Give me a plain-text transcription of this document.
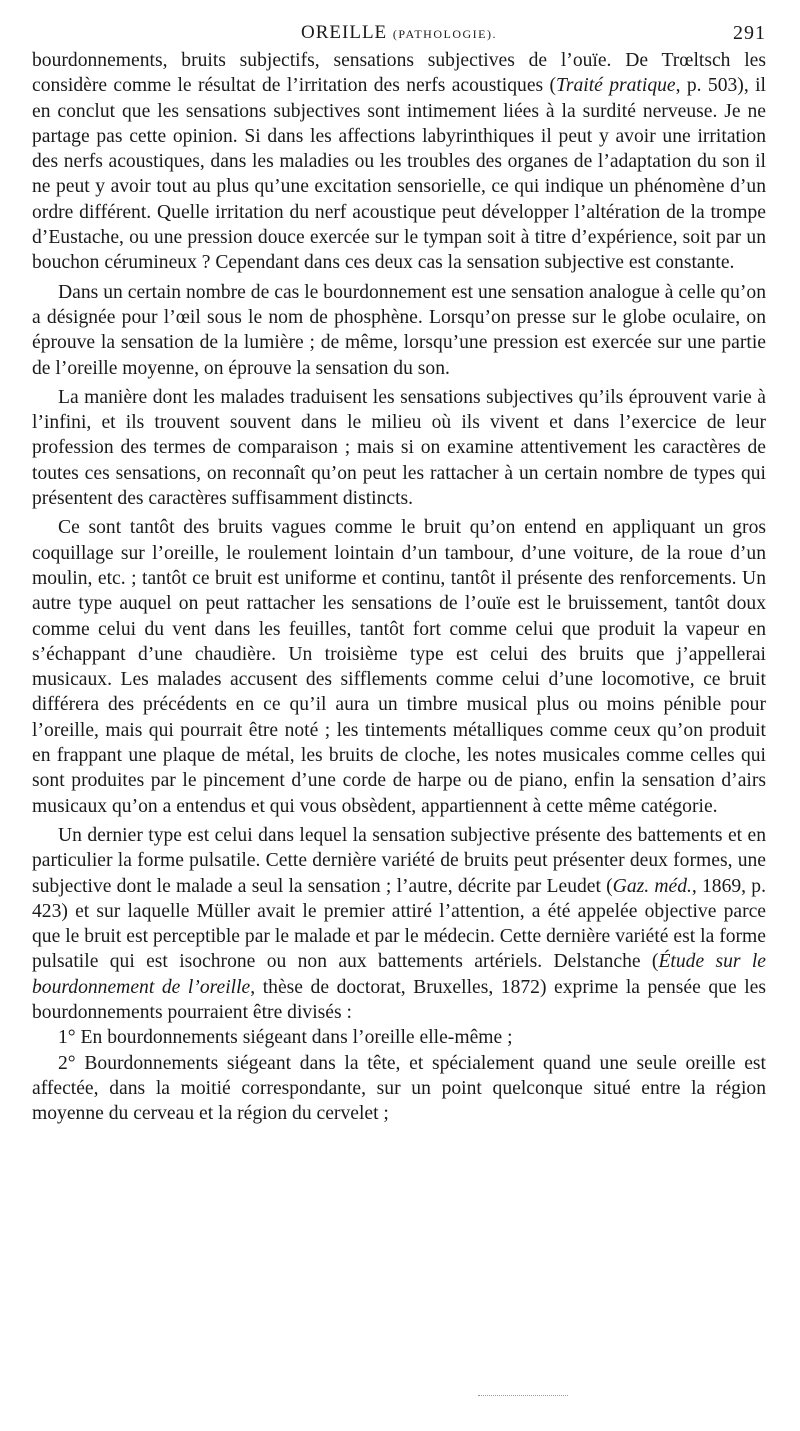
OREILLE (PATHOLOGIE).	291

bourdonnements, bruits subjectifs, sensations subjectives de l’ouïe. De Trœltsch les considère comme le résultat de l’irritation des nerfs acoustiques (Traité pratique, p. 503), il en conclut que les sensations subjectives sont intimement liées à la surdité nerveuse. Je ne partage pas cette opinion. Si dans les affections labyrinthiques il peut y avoir une irritation des nerfs acoustiques, dans les maladies ou les troubles des organes de l’adaptation du son il ne peut y avoir tout au plus qu’une excitation sensorielle, ce qui indique un phénomène d’un ordre différent. Quelle irritation du nerf acoustique peut développer l’altération de la trompe d’Eustache, ou une pression douce exercée sur le tympan soit à titre d’expérience, soit par un bouchon cérumineux ? Cependant dans ces deux cas la sensation subjective est constante.

Dans un certain nombre de cas le bourdonnement est une sensation analogue à celle qu’on a désignée pour l’œil sous le nom de phosphène. Lorsqu’on presse sur le globe oculaire, on éprouve la sensation de la lumière ; de même, lorsqu’une pression est exercée sur une partie de l’oreille moyenne, on éprouve la sensation du son.

La manière dont les malades traduisent les sensations subjectives qu’ils éprouvent varie à l’infini, et ils trouvent souvent dans le milieu où ils vivent et dans l’exercice de leur profession des termes de comparaison ; mais si on examine attentivement les caractères de toutes ces sensations, on reconnaît qu’on peut les rattacher à un certain nombre de types qui présentent des caractères suffisamment distincts.

Ce sont tantôt des bruits vagues comme le bruit qu’on entend en appliquant un gros coquillage sur l’oreille, le roulement lointain d’un tambour, d’une voiture, de la roue d’un moulin, etc. ; tantôt ce bruit est uniforme et continu, tantôt il présente des renforcements. Un autre type auquel on peut rattacher les sensations de l’ouïe est le bruissement, tantôt doux comme celui du vent dans les feuilles, tantôt fort comme celui que produit la vapeur en s’échappant d’une chaudière. Un troisième type est celui des bruits que j’appellerai musicaux. Les malades accusent des sifflements comme celui d’une locomotive, ce bruit différera des précédents en ce qu’il aura un timbre musical plus ou moins pénible pour l’oreille, mais qui pourrait être noté ; les tintements métalliques comme ceux qu’on produit en frappant une plaque de métal, les bruits de cloche, les notes musicales comme celles qui sont produites par le pincement d’une corde de harpe ou de piano, enfin la sensation d’airs musicaux qu’on a entendus et qui vous obsèdent, appartiennent à cette même catégorie.

Un dernier type est celui dans lequel la sensation subjective présente des battements et en particulier la forme pulsatile. Cette dernière variété de bruits peut présenter deux formes, une subjective dont le malade a seul la sensation ; l’autre, décrite par Leudet (Gaz. méd., 1869, p. 423) et sur laquelle Müller avait le premier attiré l’attention, a été appelée objective parce que le bruit est perceptible par le malade et par le médecin. Cette dernière variété est la forme pulsatile qui est isochrone ou non aux battements artériels. Delstanche (Étude sur le bourdonnement de l’oreille, thèse de doctorat, Bruxelles, 1872) exprime la pensée que les bourdonnements pourraient être divisés :

1° En bourdonnements siégeant dans l’oreille elle-même ;

2° Bourdonnements siégeant dans la tête, et spécialement quand une seule oreille est affectée, dans la moitié correspondante, sur un point quelconque situé entre la région moyenne du cerveau et la région du cervelet ;
